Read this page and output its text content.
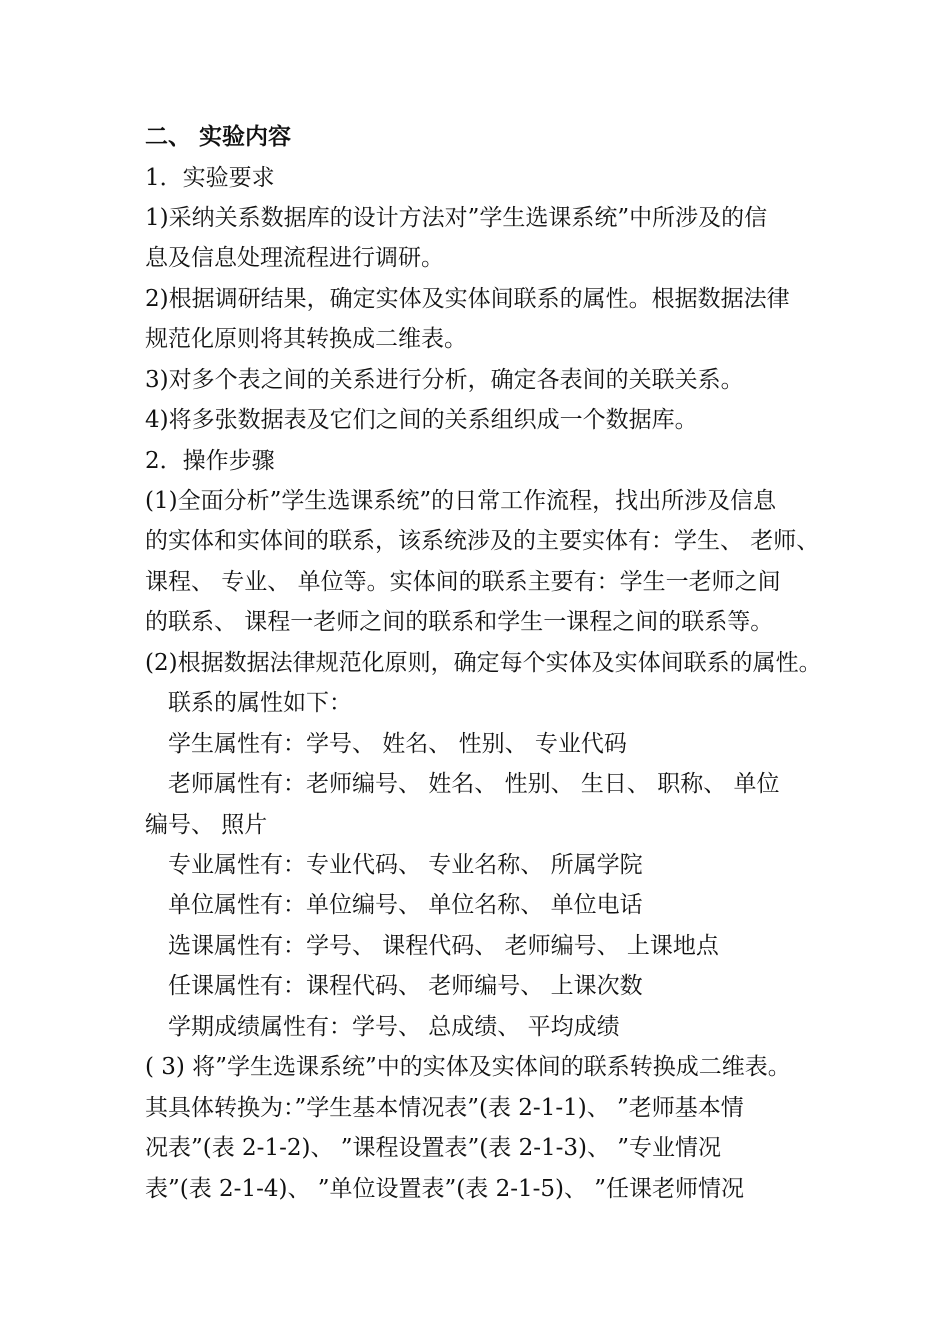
二、 实验内容
1．实验要求
1)采纳关系数据库的设计方法对”学生选课系统”中所涉及的信
息及信息处理流程进行调研。
2)根据调研结果，确定实体及实体间联系的属性。根据数据法律
规范化原则将其转换成二维表。
3)对多个表之间的关系进行分析，确定各表间的关联关系。
4)将多张数据表及它们之间的关系组织成一个数据库。
2．操作步骤
(1)全面分析”学生选课系统”的日常工作流程，找出所涉及信息
的实体和实体间的联系，该系统涉及的主要实体有：学生、 老师、
课程、 专业、 单位等。实体间的联系主要有：学生一老师之间
的联系、 课程一老师之间的联系和学生一课程之间的联系等。
(2)根据数据法律规范化原则，确定每个实体及实体间联系的属性。
联系的属性如下：
学生属性有：学号、 姓名、 性别、 专业代码
老师属性有：老师编号、 姓名、 性别、 生日、 职称、 单位
编号、 照片
专业属性有：专业代码、 专业名称、 所属学院
单位属性有：单位编号、 单位名称、 单位电话
选课属性有：学号、 课程代码、 老师编号、 上课地点
任课属性有：课程代码、 老师编号、 上课次数
学期成绩属性有：学号、 总成绩、 平均成绩
( 3) 将”学生选课系统”中的实体及实体间的联系转换成二维表。
其具体转换为：”学生基本情况表”(表 2-1-1)、 ”老师基本情
况表”(表 2-1-2)、 ”课程设置表”(表 2-1-3)、 ”专业情况
表”(表 2-1-4)、 ”单位设置表”(表 2-1-5)、 ”任课老师情况
